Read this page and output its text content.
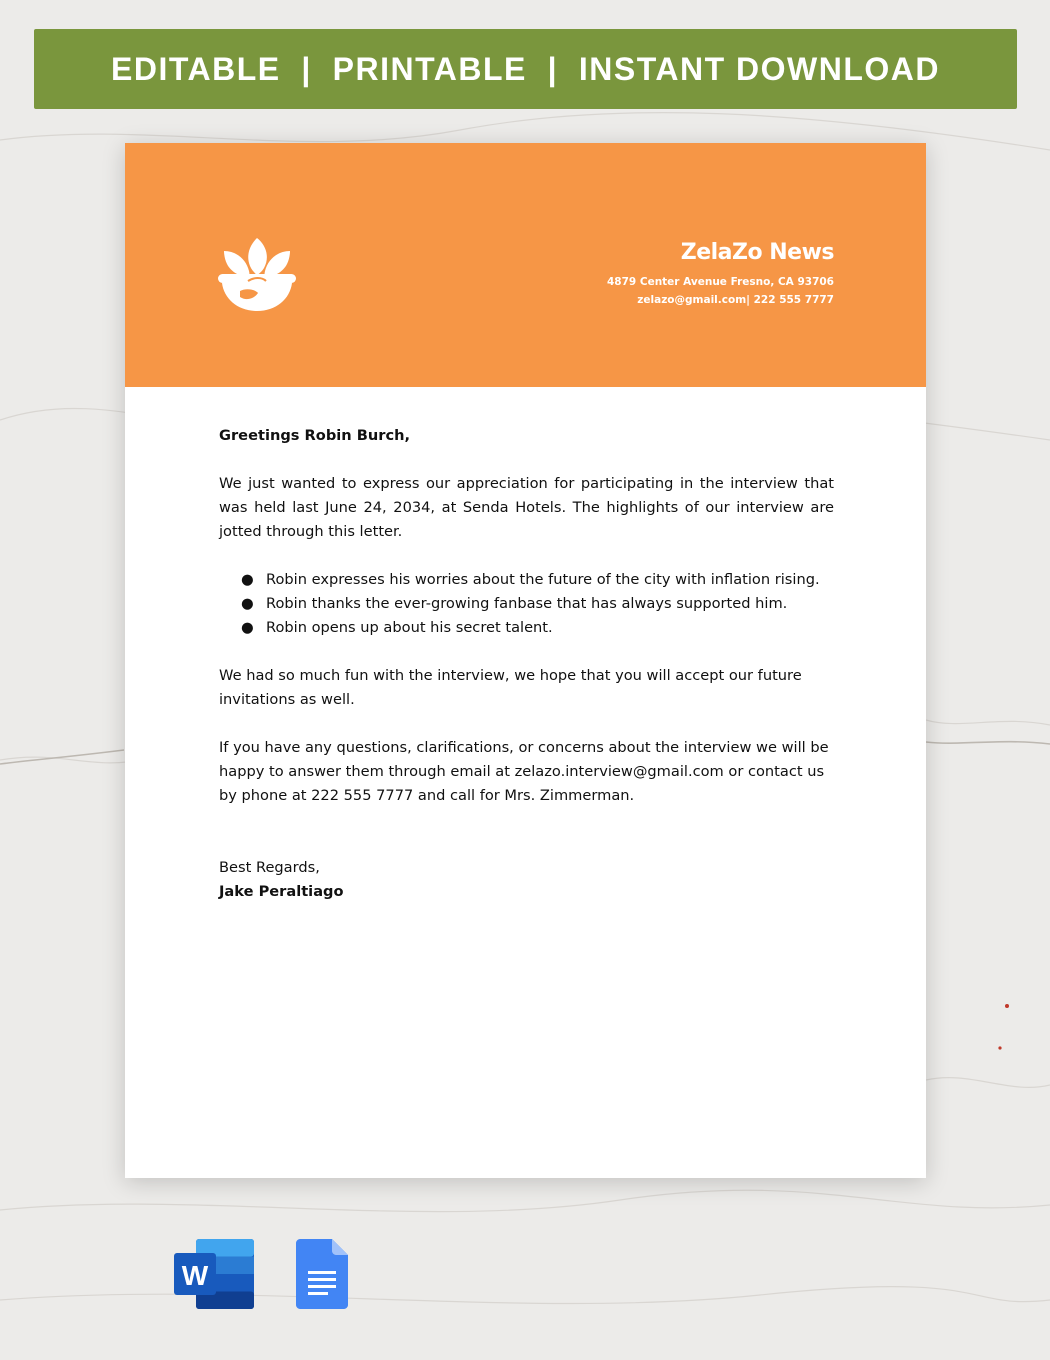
EDITABLE  |  PRINTABLE  |  INSTANT DOWNLOAD
ZelaZo News
4879 Center Avenue Fresno, CA 93706
zelazo@gmail.com| 222 555 7777

Greetings Robin Burch,

We just wanted to express our appreciation for participating in the interview that was held last June 24, 2034, at Senda Hotels. The highlights of our interview are jotted through this letter.

● Robin expresses his worries about the future of the city with inflation rising.
● Robin thanks the ever-growing fanbase that has always supported him.
● Robin opens up about his secret talent.

We had so much fun with the interview, we hope that you will accept our future invitations as well.

If you have any questions, clarifications, or concerns about the interview we will be happy to answer them through email at zelazo.interview@gmail.com or contact us by phone at 222 555 7777 and call for Mrs. Zimmerman.

Best Regards,

Jake Peraltiago

W
